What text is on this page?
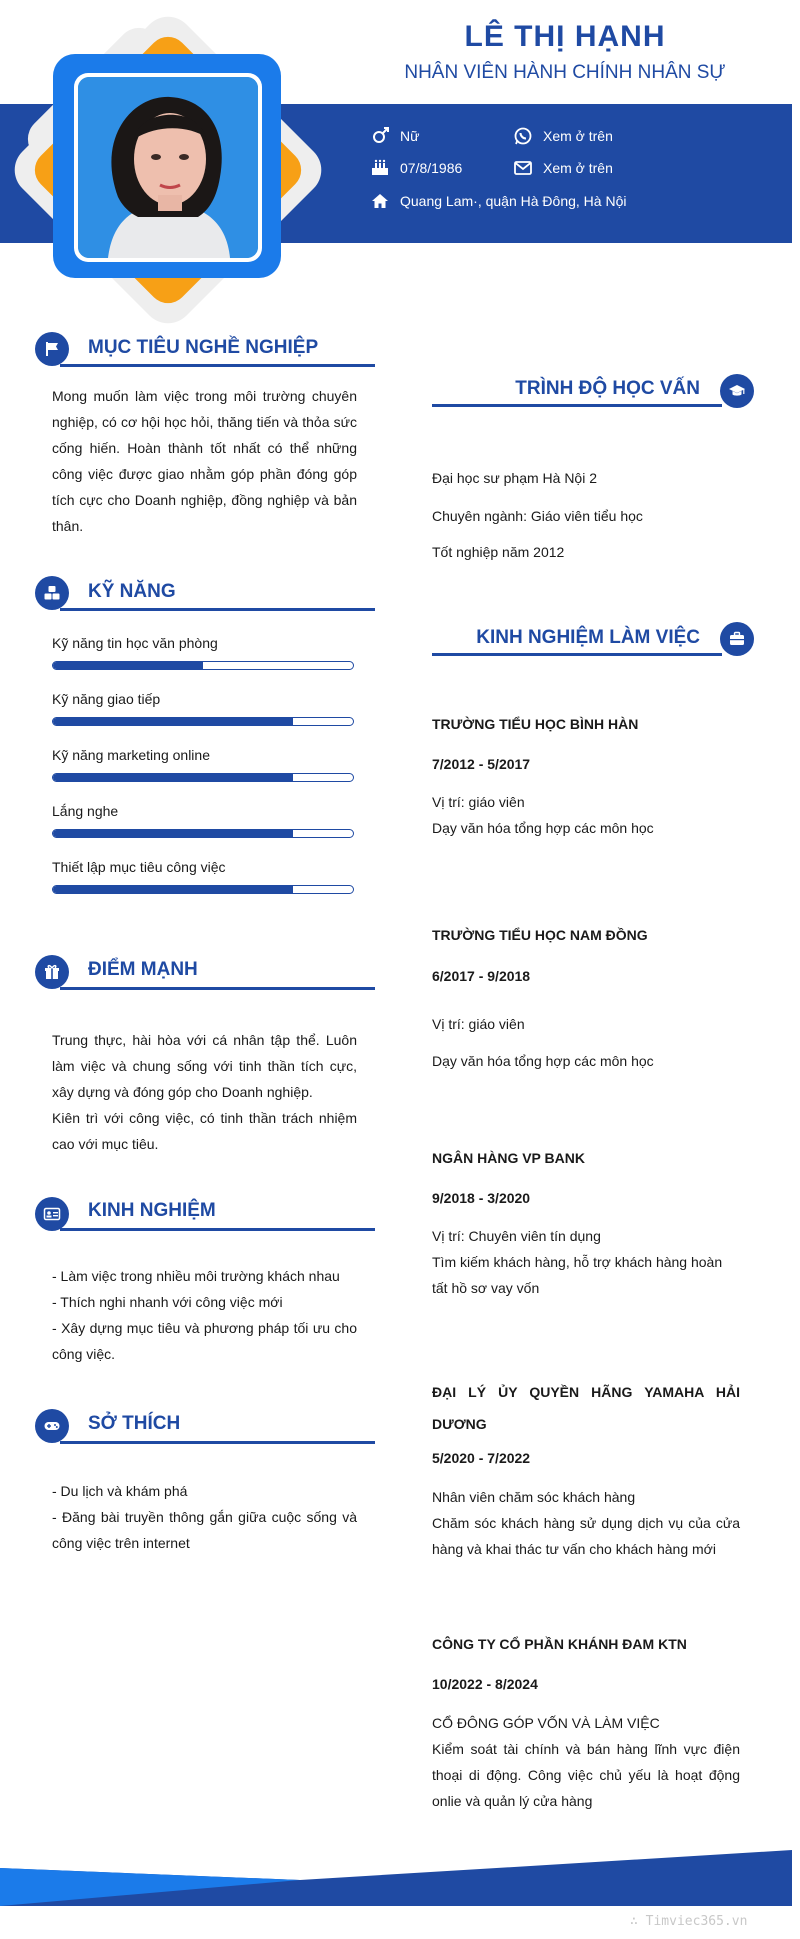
LÊ THỊ HẠNH
NHÂN VIÊN HÀNH CHÍNH NHÂN SỰ
Nữ	Xem ở trên
07/8/1986	Xem ở trên
Quang Lam·, quận Hà Đông, Hà Nội
MỤC TIÊU NGHỀ NGHIỆP
Mong muốn làm việc trong môi trường chuyên nghiệp, có cơ hội học hỏi, thăng tiến và thỏa sức cống hiến. Hoàn thành tốt nhất có thể những công việc được giao nhằm góp phần đóng góp tích cực cho Doanh nghiệp, đồng nghiệp và bản thân.
KỸ NĂNG
Kỹ năng tin học văn phòng
Kỹ năng giao tiếp
Kỹ năng marketing online
Lắng nghe
Thiết lập mục tiêu công việc
ĐIỂM MẠNH
Trung thực, hài hòa với cá nhân tập thể. Luôn làm việc và chung sống với tinh thần tích cực, xây dựng và đóng góp cho Doanh nghiệp.
Kiên trì với công việc, có tinh thần trách nhiệm cao với mục tiêu.
KINH NGHIỆM
- Làm việc trong nhiều môi trường khách nhau
- Thích nghi nhanh với công việc mới
- Xây dựng mục tiêu và phương pháp tối ưu cho công việc.
SỞ THÍCH
- Du lịch và khám phá
- Đăng bài truyền thông gắn giữa cuộc sống và công việc trên internet
TRÌNH ĐỘ HỌC VẤN
Đại học sư phạm Hà Nội 2
Chuyên ngành: Giáo viên tiểu học
Tốt nghiệp năm 2012
KINH NGHIỆM LÀM VIỆC
TRƯỜNG TIỂU HỌC BÌNH HÀN
7/2012 - 5/2017
Vị trí: giáo viên
Dạy văn hóa tổng hợp các môn học
TRƯỜNG TIỂU HỌC NAM ĐỒNG
6/2017 - 9/2018
Vị trí: giáo viên
Dạy văn hóa tổng hợp các môn học
NGÂN HÀNG VP BANK
9/2018 - 3/2020
Vị trí: Chuyên viên tín dụng
Tìm kiếm khách hàng, hỗ trợ khách hàng hoàn tất hồ sơ vay vốn
ĐẠI LÝ ỦY QUYỀN HÃNG YAMAHA HẢI DƯƠNG
5/2020 - 7/2022
Nhân viên chăm sóc khách hàng
Chăm sóc khách hàng sử dụng dịch vụ của cửa hàng và khai thác tư vấn cho khách hàng mới
CÔNG TY CỔ PHẦN KHÁNH ĐAM KTN
10/2022 - 8/2024
CỔ ĐÔNG GÓP VỐN VÀ LÀM VIỆC
Kiểm soát tài chính và bán hàng lĩnh vực điện thoại di động. Công việc chủ yếu là hoạt động onlie và quản lý cửa hàng
∴ Timviec365.vn
